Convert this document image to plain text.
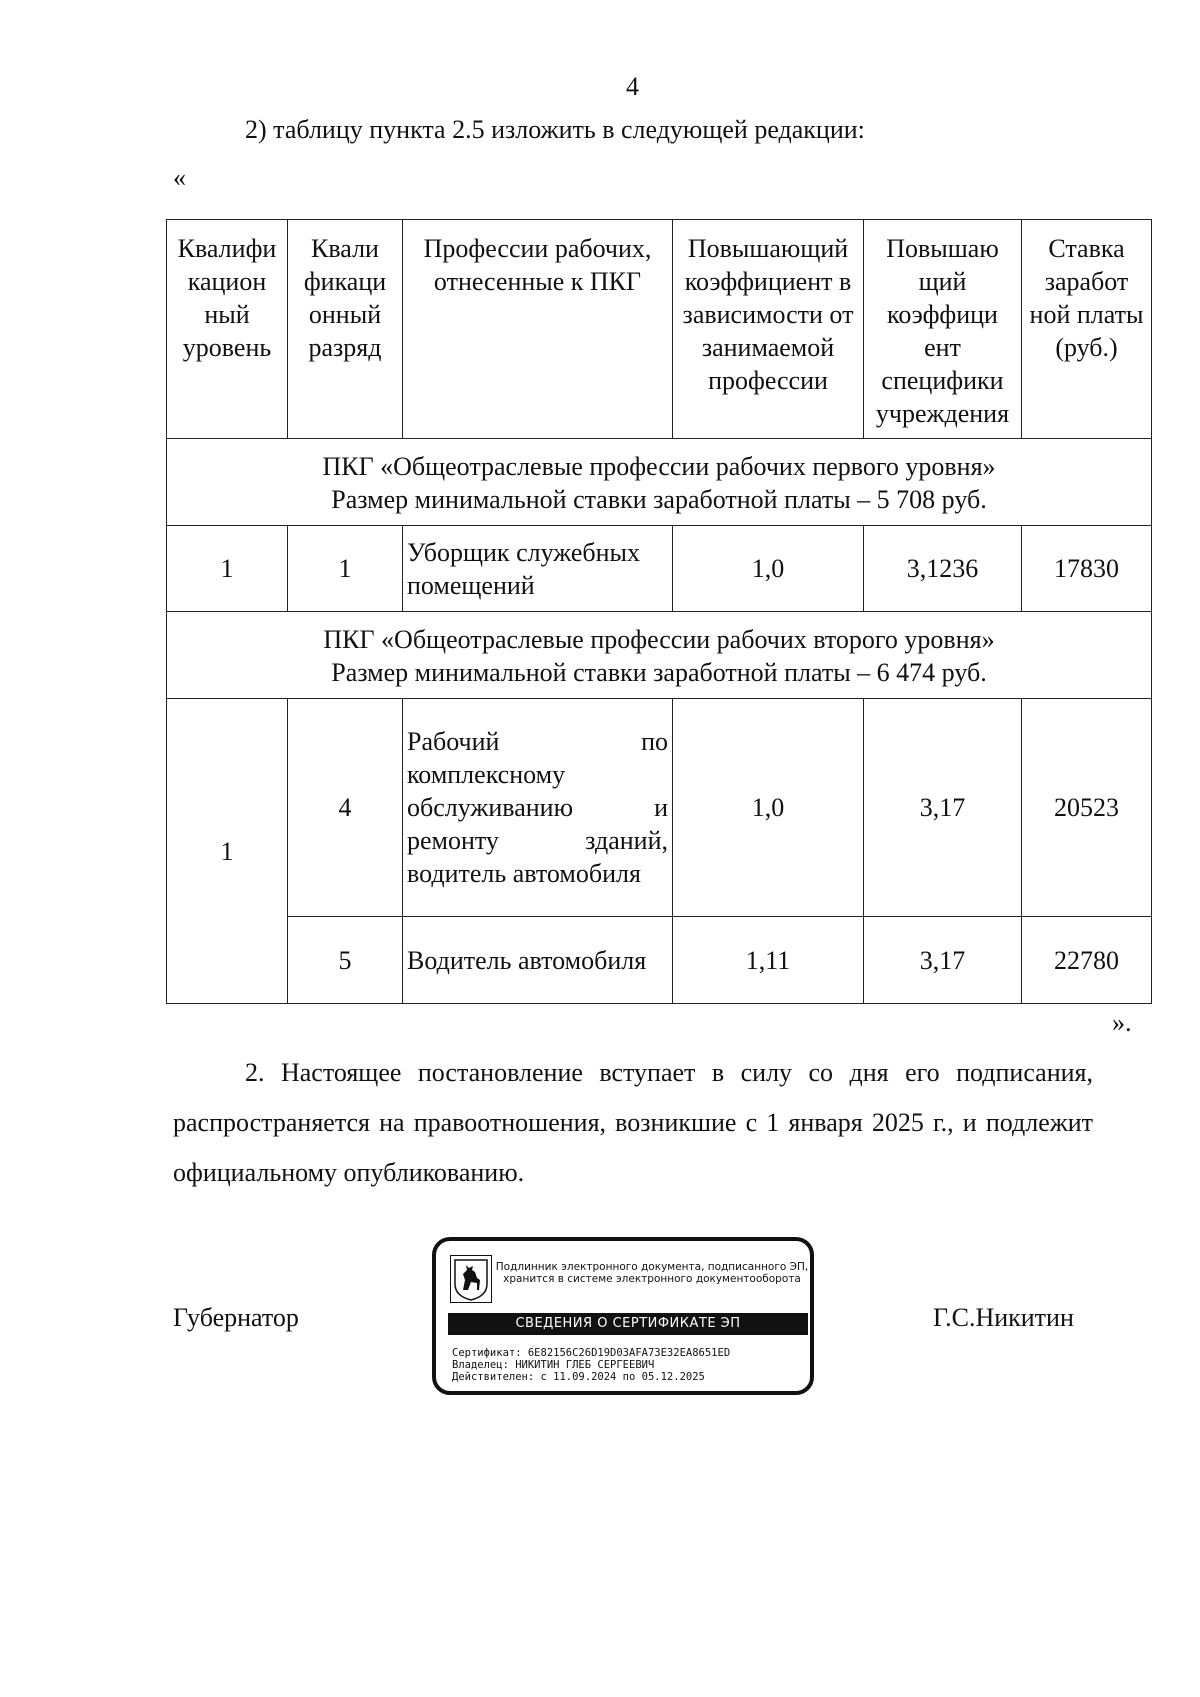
4
2) таблицу пункта 2.5 изложить в следующей редакции:
«
Квалифи кацион ный уровень	Квали фикаци онный разряд	Профессии рабочих, отнесенные к ПКГ	Повышающий коэффициент в зависимости от занимаемой профессии	Повышаю щий коэффици ент специфики учреждения	Ставка заработ ной платы (руб.)

ПКГ «Общеотраслевые профессии рабочих первого уровня»
Размер минимальной ставки заработной платы – 5 708 руб.					

1	1	Уборщик служебных помещений	1,0	3,1236	17830

ПКГ «Общеотраслевые профессии рабочих второго уровня»
Размер минимальной ставки заработной платы – 6 474 руб.					

1	4	Рабочий по комплексному обслуживанию и ремонту зданий, водитель автомобиля	1,0	3,17	20523
	5	Водитель автомобиля	1,11	3,17	22780
».
2. Настоящее постановление вступает в силу со дня его подписания, распространяется на правоотношения, возникшие с 1 января 2025 г., и подлежит официальному опубликованию.
Губернатор
Подлинник электронного документа, подписанного ЭП,
хранится в системе электронного документооборота
СВЕДЕНИЯ О СЕРТИФИКАТЕ ЭП
Сертификат: 6E82156C26D19D03AFA73E32EA8651ED
Владелец: НИКИТИН ГЛЕБ СЕРГЕЕВИЧ
Действителен: с 11.09.2024 по 05.12.2025
Г.С.Никитин
